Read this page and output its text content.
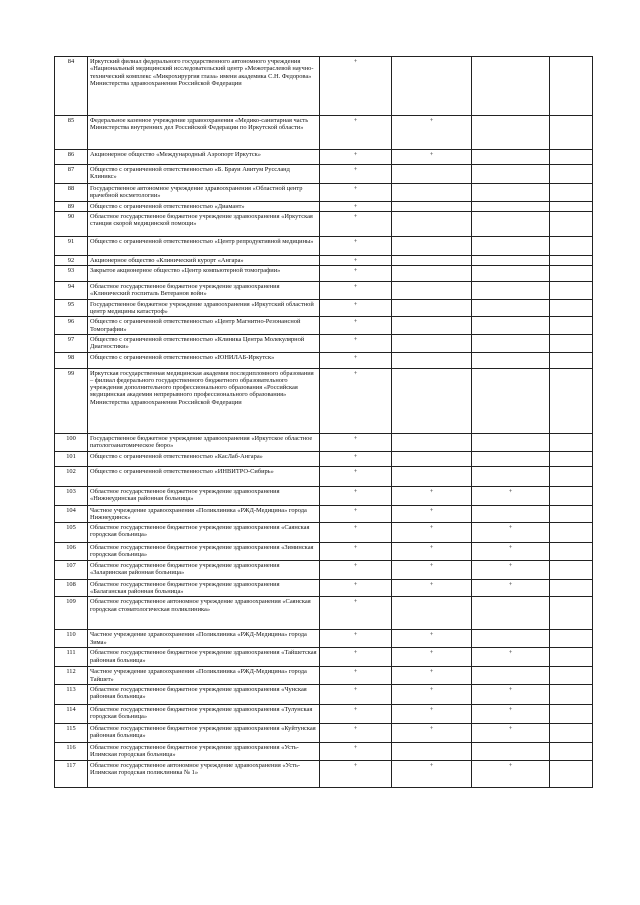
84	Иркутский филиал федерального государственного автономного учреждения «Национальный медицинский исследовательский центр «Межотраслевой научно-технический комплекс «Микрохирургия глаза» имени академика С.Н. Федорова» Министерства здравоохранения Российской Федерации	+			
85	Федеральное казенное учреждение здравоохранения «Медико-санитарная часть Министерства внутренних дел Российской Федерации по Иркутской области»	+	+		
86	Акционерное общество «Международный Аэропорт Иркутск»	+	+		
87	Общество с ограниченной ответственностью «Б. Брауи Авитум Руссланд Клиникс»	+			
88	Государственное автономное учреждение здравоохранения «Областной центр врачебной косметологии»	+			
89	Общество с ограниченной ответственностью «Диамант»	+			
90	Областное государственное бюджетное учреждение здравоохранения «Иркутская станция скорой медицинской помощи»	+			
91	Общество с ограниченной ответственностью «Центр репродуктивной медицины»	+			
92	Акционерное общество «Клинический курорт «Ангара»	+			
93	Закрытое акционерное общество «Центр компьютерной томографии»	+			
94	Областное государственное бюджетное учреждение здравоохранения «Клинический госпиталь Ветеранов войн»	+			
95	Государственное бюджетное учреждение здравоохранения «Иркутский областной центр медицины катастроф»	+			
96	Общество с ограниченной ответственностью «Центр Магнитно-Резонансной Томографии»	+			
97	Общество с ограниченной ответственностью «Клиника Центра Молекулярной Диагностики»	+			
98	Общество с ограниченной ответственностью «ЮНИЛАБ-Иркутск»	+			
99	Иркутская государственная медицинская академия последипломного образования – филиал федерального государственного бюджетного образовательного учреждения дополнительного профессионального образования «Российская медицинская академия непрерывного профессионального образования» Министерства здравоохранения Российской Федерации	+			
100	Государственное бюджетное учреждение здравоохранения «Иркутское областное патологоанатомическое бюро»	+			
101	Общество с ограниченной ответственностью «КасЛаб-Ангара»	+			
102	Общество с ограниченной ответственностью «ИНВИТРО-Сибирь»	+			
103	Областное государственное бюджетное учреждение здравоохранения «Нижнеудинская районная больница»	+	+	+	
104	Частное учреждение здравоохранения «Поликлиника «РЖД-Медицина» города Нижнеудинск»	+	+		
105	Областное государственное бюджетное учреждение здравоохранения «Саянская городская больница»	+	+	+	
106	Областное государственное бюджетное учреждение здравоохранения «Зиминская городская больница»	+	+	+	
107	Областное государственное бюджетное учреждение здравоохранения «Заларинская районная больница»	+	+	+	
108	Областное государственное бюджетное учреждение здравоохранения «Балаганская районная больница»	+	+	+	
109	Областное государственное автономное учреждение здравоохранения «Саянская городская стоматологическая поликлиника»	+			
110	Частное учреждение здравоохранения «Поликлиника «РЖД-Медицина» города Зима»	+	+		
111	Областное государственное бюджетное учреждение здравоохранения «Тайшетская районная больница»	+	+	+	
112	Частное учреждение здравоохранения «Поликлиника «РЖД-Медицина» города Тайшет»	+	+		
113	Областное государственное бюджетное учреждение здравоохранения «Чунская районная больница»	+	+	+	
114	Областное государственное бюджетное учреждение здравоохранения «Тулунская городская больница»	+	+	+	
115	Областное государственное бюджетное учреждение здравоохранения «Куйтунская районная больница»	+	+	+	
116	Областное государственное бюджетное учреждение здравоохранения «Усть-Илимская городская больница»	+			
117	Областное государственное автономное учреждение здравоохранения «Усть-Илимская городская поликлиника № 1»	+	+	+	
